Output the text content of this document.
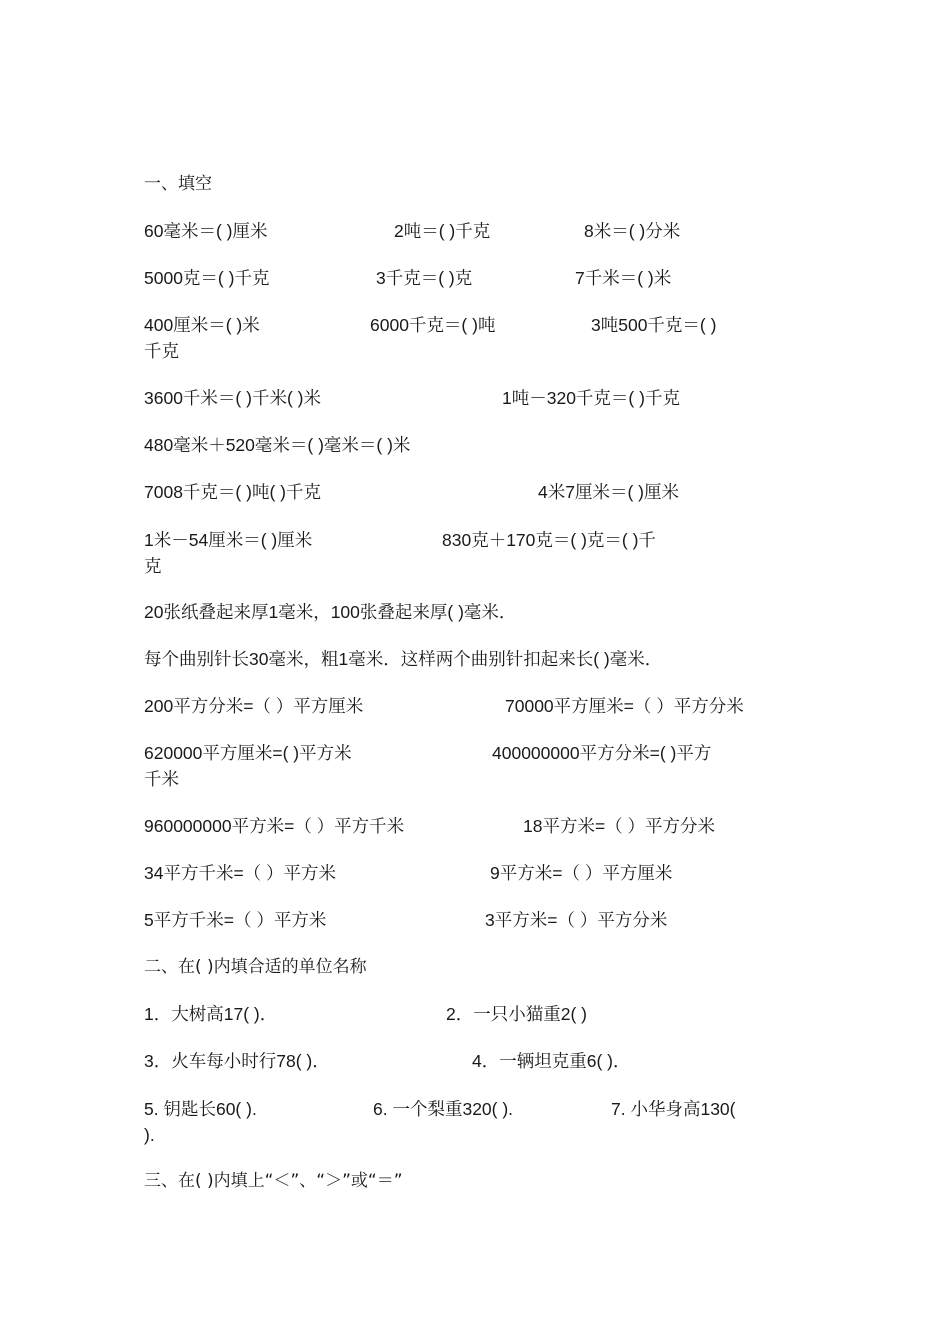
一、填空
60毫米＝( )厘米	2吨＝( )千克	8米＝( )分米
5000克＝( )千克	3千克＝( )克	7千米＝( )米
400厘米＝( )米	6000千克＝( )吨	3吨500千克＝( )
千克
3600千米＝( )千米( )米	1吨－320千克＝( )千克
480毫米＋520毫米＝( )毫米＝( )米
7008千克＝( )吨( )千克	4米7厘米＝( )厘米
1米－54厘米＝( )厘米	830克＋170克＝( )克＝( )千
克
20张纸叠起来厚1毫米，100张叠起来厚( )毫米．
每个曲别针长30毫米，粗1毫米．这样两个曲别针扣起来长( )毫米．
200平方分米=（ ）平方厘米	70000平方厘米=（ ）平方分米
620000平方厘米=( )平方米	400000000平方分米=( )平方
千米
960000000平方米=（ ）平方千米	18平方米=（ ）平方分米
34平方千米=（ ）平方米	9平方米=（ ）平方厘米
5平方千米=（ ）平方米	3平方米=（ ）平方分米
二、在( )内填合适的单位名称
1．大树高17( )．	2．一只小猫重2( )
3．火车每小时行78( )．	4．一辆坦克重6( )．
5. 钥匙长60( ).	6. 一个梨重320( ).	7. 小华身高130(
).
三、在( )内填上“＜”、“＞”或“＝”
